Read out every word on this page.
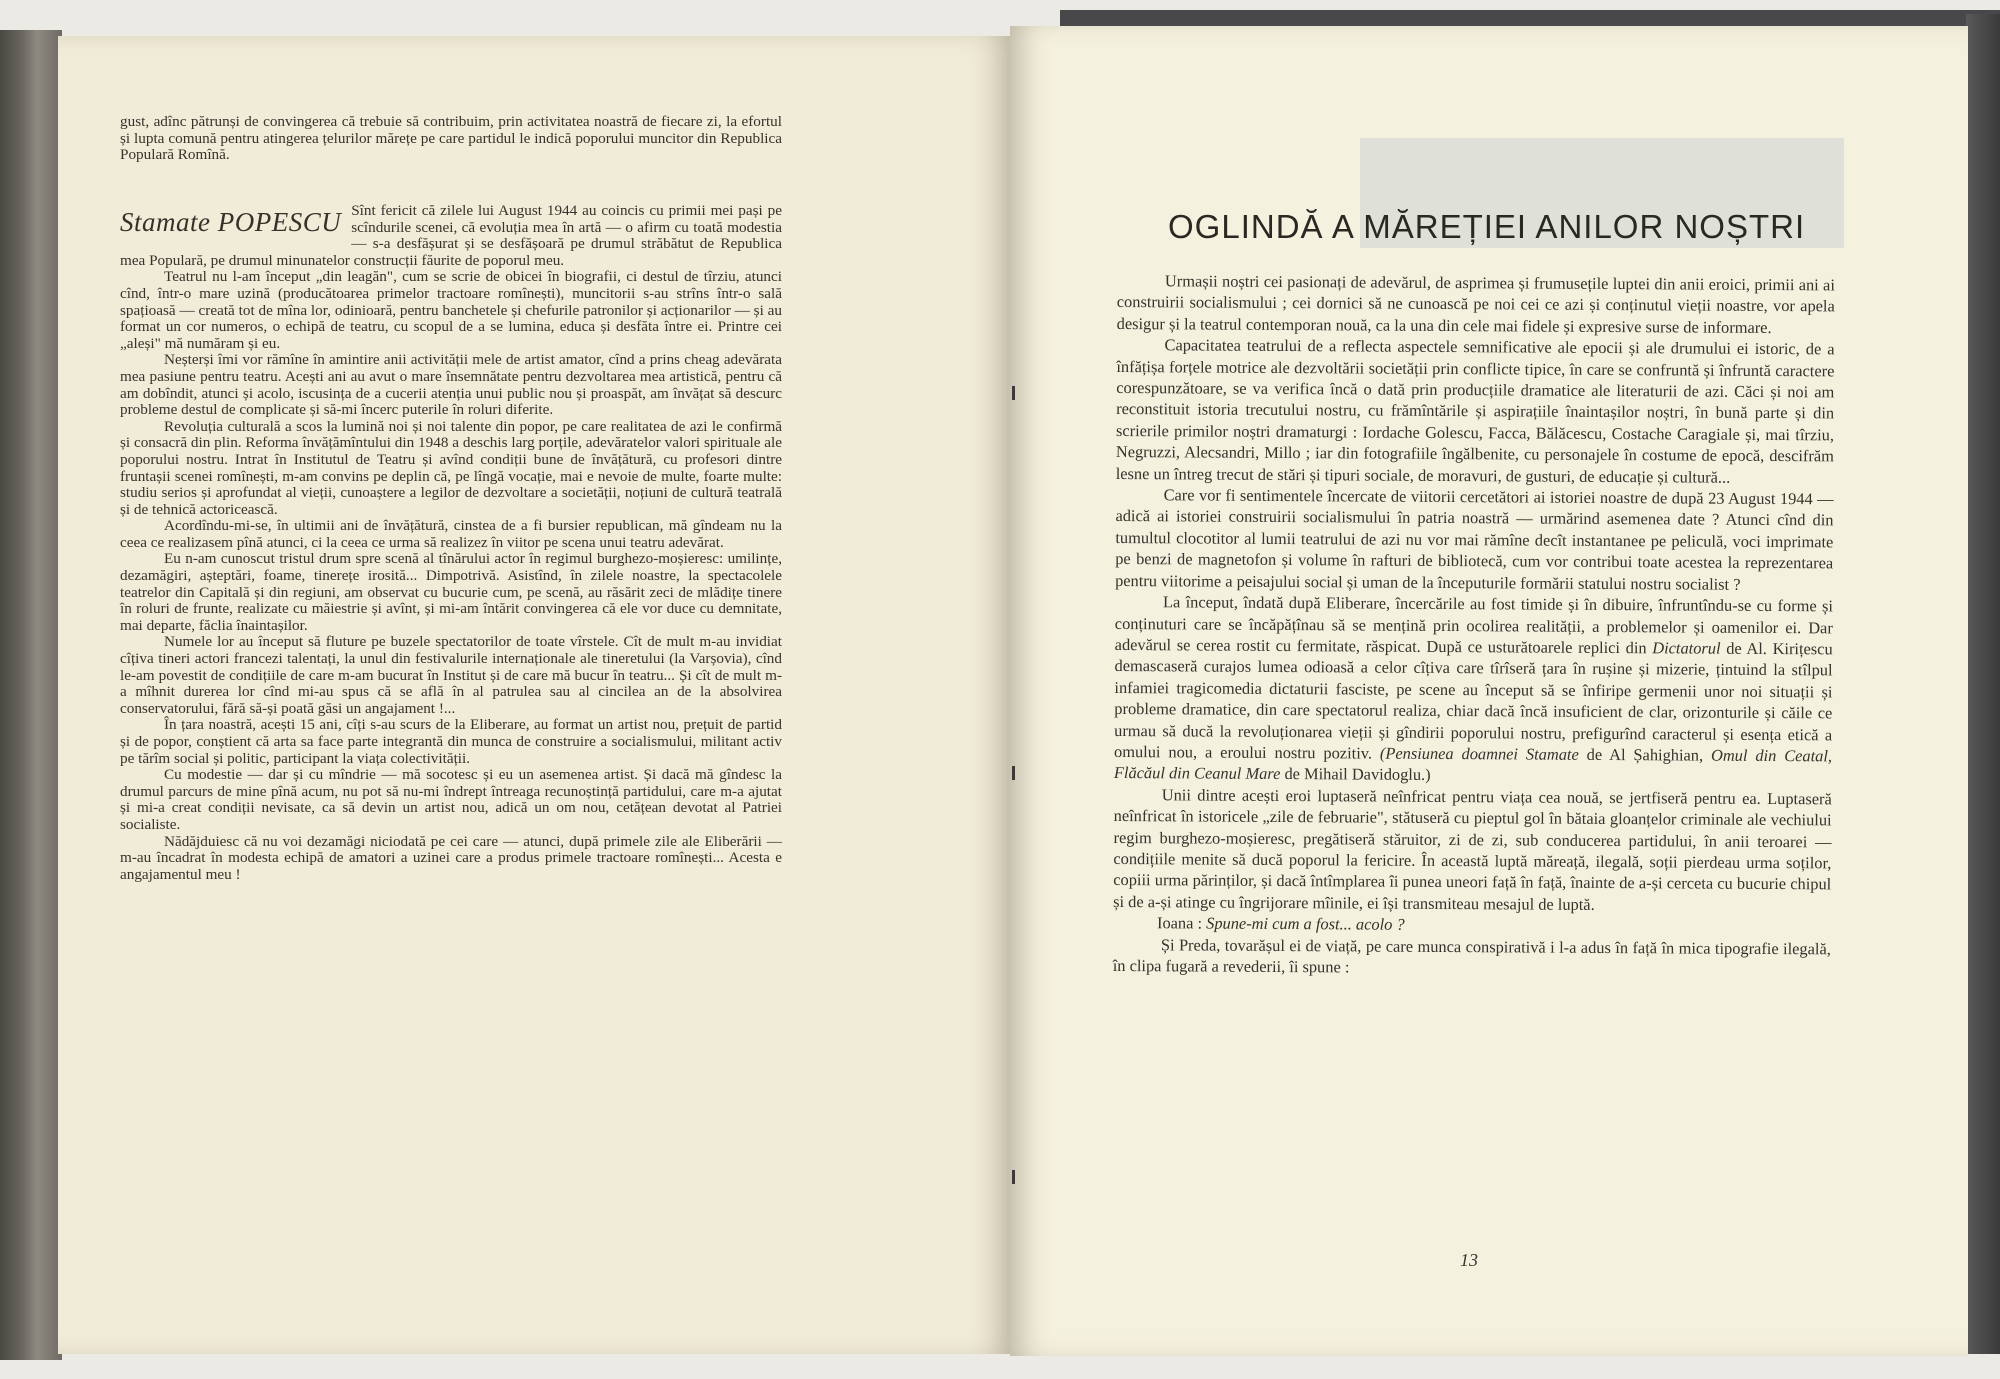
gust, adînc pătrunși de convingerea că trebuie să contribuim, prin activitatea noastră de fiecare zi, la efortul și lupta comună pentru atingerea țelurilor mărețe pe care partidul le indică poporului muncitor din Republica Populară Romînă.

Stamate POPESCU Sînt fericit că zilele lui August 1944 au coincis cu primii mei pași pe scîndurile scenei, că evoluția mea în artă — o afirm cu toată modestia — s-a desfășurat și se desfășoară pe drumul străbătut de Republica mea Populară, pe drumul minunatelor construcții făurite de poporul meu.

Teatrul nu l-am început „din leagăn", cum se scrie de obicei în biografii, ci destul de tîrziu, atunci cînd, într-o mare uzină (producătoarea primelor tractoare romînești), muncitorii s-au strîns într-o sală spațioasă — creată tot de mîna lor, odinioară, pentru banchetele și chefurile patronilor și acționarilor — și au format un cor numeros, o echipă de teatru, cu scopul de a se lumina, educa și desfăta între ei. Printre cei „aleși" mă număram și eu.

Neșterși îmi vor rămîne în amintire anii activității mele de artist amator, cînd a prins cheag adevărata mea pasiune pentru teatru. Acești ani au avut o mare însemnătate pentru dezvoltarea mea artistică, pentru că am dobîndit, atunci și acolo, iscusința de a cucerii atenția unui public nou și proaspăt, am învățat să descurc probleme destul de complicate și să-mi încerc puterile în roluri diferite.

Revoluția culturală a scos la lumină noi și noi talente din popor, pe care realitatea de azi le confirmă și consacră din plin. Reforma învățămîntului din 1948 a deschis larg porțile, adevăratelor valori spirituale ale poporului nostru. Intrat în Institutul de Teatru și avînd condiții bune de învățătură, cu profesori dintre fruntașii scenei romînești, m-am convins pe deplin că, pe lîngă vocație, mai e nevoie de multe, foarte multe: studiu serios și aprofundat al vieții, cunoaștere a legilor de dezvoltare a societății, noțiuni de cultură teatrală și de tehnică actoricească.

Acordîndu-mi-se, în ultimii ani de învățătură, cinstea de a fi bursier republican, mă gîndeam nu la ceea ce realizasem pînă atunci, ci la ceea ce urma să realizez în viitor pe scena unui teatru adevărat.

Eu n-am cunoscut tristul drum spre scenă al tînărului actor în regimul burghezo-moșieresc: umilințe, dezamăgiri, așteptări, foame, tinerețe irosită... Dimpotrivă. Asistînd, în zilele noastre, la spectacolele teatrelor din Capitală și din regiuni, am observat cu bucurie cum, pe scenă, au răsărit zeci de mlădițe tinere în roluri de frunte, realizate cu măiestrie și avînt, și mi-am întărit convingerea că ele vor duce cu demnitate, mai departe, făclia înaintașilor.

Numele lor au început să fluture pe buzele spectatorilor de toate vîrstele. Cît de mult m-au invidiat cîțiva tineri actori francezi talentați, la unul din festivalurile internaționale ale tineretului (la Varșovia), cînd le-am povestit de condițiile de care m-am bucurat în Institut și de care mă bucur în teatru... Și cît de mult m-a mîhnit durerea lor cînd mi-au spus că se află în al patrulea sau al cincilea an de la absolvirea conservatorului, fără să-și poată găsi un angajament !...

În țara noastră, acești 15 ani, cîți s-au scurs de la Eliberare, au format un artist nou, prețuit de partid și de popor, conștient că arta sa face parte integrantă din munca de construire a socialismului, militant activ pe tărîm social și politic, participant la viața colectivității.

Cu modestie — dar și cu mîndrie — mă socotesc și eu un asemenea artist. Și dacă mă gîndesc la drumul parcurs de mine pînă acum, nu pot să nu-mi îndrept întreaga recunoștință partidului, care m-a ajutat și mi-a creat condiții nevisate, ca să devin un artist nou, adică un om nou, cetățean devotat al Patriei socialiste.

Nădăjduiesc că nu voi dezamăgi niciodată pe cei care — atunci, după primele zile ale Eliberării — m-au încadrat în modesta echipă de amatori a uzinei care a produs primele tractoare romînești... Acesta e angajamentul meu !

OGLINDĂ A MĂREȚIEI ANILOR NOȘTRI

Urmașii noștri cei pasionați de adevărul, de asprimea și frumusețile luptei din anii eroici, primii ani ai construirii socialismului ; cei dornici să ne cunoască pe noi cei ce azi și conținutul vieții noastre, vor apela desigur și la teatrul contemporan nouă, ca la una din cele mai fidele și expresive surse de informare.

Capacitatea teatrului de a reflecta aspectele semnificative ale epocii și ale drumului ei istoric, de a înfățișa forțele motrice ale dezvoltării societății prin conflicte tipice, în care se confruntă și înfruntă caractere corespunzătoare, se va verifica încă o dată prin producțiile dramatice ale literaturii de azi. Căci și noi am reconstituit istoria trecutului nostru, cu frămîntările și aspirațiile înaintașilor noștri, în bună parte și din scrierile primilor noștri dramaturgi : Iordache Golescu, Facca, Bălăcescu, Costache Caragiale și, mai tîrziu, Negruzzi, Alecsandri, Millo ; iar din fotografiile îngălbenite, cu personajele în costume de epocă, descifrăm lesne un întreg trecut de stări și tipuri sociale, de moravuri, de gusturi, de educație și cultură...

Care vor fi sentimentele încercate de viitorii cercetători ai istoriei noastre de după 23 August 1944 — adică ai istoriei construirii socialismului în patria noastră — urmărind asemenea date ? Atunci cînd din tumultul clocotitor al lumii teatrului de azi nu vor mai rămîne decît instantanee pe peliculă, voci imprimate pe benzi de magnetofon și volume în rafturi de bibliotecă, cum vor contribui toate acestea la reprezentarea pentru viitorime a peisajului social și uman de la începuturile formării statului nostru socialist ?

La început, îndată după Eliberare, încercările au fost timide și în dibuire, înfruntîndu-se cu forme și conținuturi care se încăpățînau să se mențină prin ocolirea realității, a problemelor și oamenilor ei. Dar adevărul se cerea rostit cu fermitate, răspicat. După ce usturătoarele replici din Dictatorul de Al. Kirițescu demascaseră curajos lumea odioasă a celor cîțiva care tîrîseră țara în rușine și mizerie, țintuind la stîlpul infamiei tragicomedia dictaturii fasciste, pe scene au început să se înfiripe germenii unor noi situații și probleme dramatice, din care spectatorul realiza, chiar dacă încă insuficient de clar, orizonturile și căile ce urmau să ducă la revoluționarea vieții și gîndirii poporului nostru, prefigurînd caracterul și esența etică a omului nou, a eroului nostru pozitiv. (Pensiunea doamnei Stamate de Al Șahighian, Omul din Ceatal, Flăcăul din Ceanul Mare de Mihail Davidoglu.)

Unii dintre acești eroi luptaseră neînfricat pentru viața cea nouă, se jertfiseră pentru ea. Luptaseră neînfricat în istoricele „zile de februarie", stătuseră cu pieptul gol în bătaia gloanțelor criminale ale vechiului regim burghezo-moșieresc, pregătiseră stăruitor, zi de zi, sub conducerea partidului, în anii teroarei — condițiile menite să ducă poporul la fericire. În această luptă măreață, ilegală, soții pierdeau urma soților, copiii urma părinților, și dacă întîmplarea îi punea uneori față în față, înainte de a-și cerceta cu bucurie chipul și de a-și atinge cu îngrijorare mîinile, ei își transmiteau mesajul de luptă.

Ioana : Spune-mi cum a fost... acolo ?

Și Preda, tovarășul ei de viață, pe care munca conspirativă i l-a adus în față în mica tipografie ilegală, în clipa fugară a revederii, îi spune :

13
